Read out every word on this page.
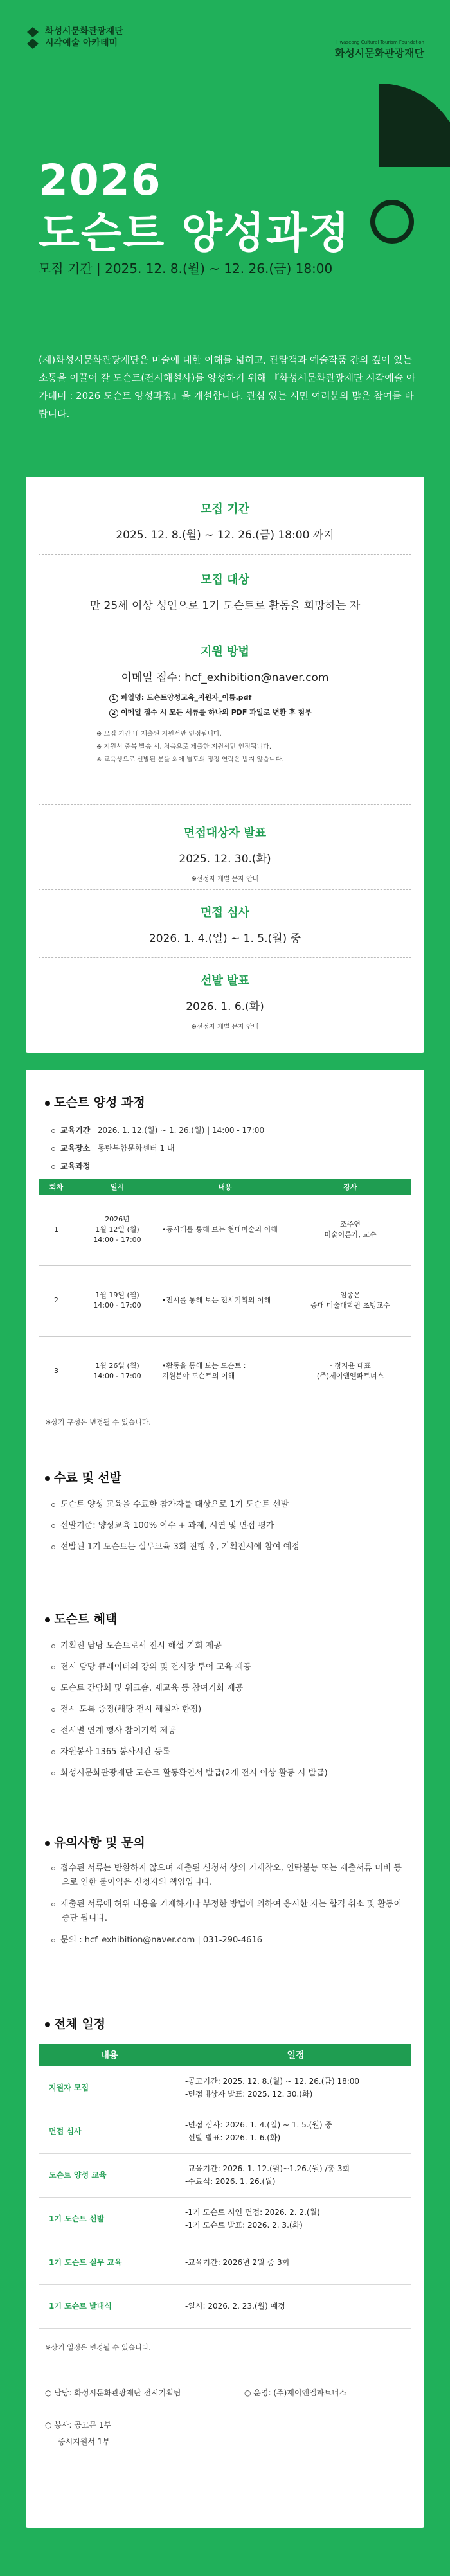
화성시문화관광재단
시각예술 아카데미	Hwaseong Cultural Tourism Foundation
화성시문화관광재단
2026
도슨트 양성과정
모집 기간 | 2025. 12. 8.(월) ~ 12. 26.(금) 18:00
(재)화성시문화관광재단은 미술에 대한 이해를 넓히고, 관람객과 예술작품 간의 깊이 있는 소통을 이끌어 갈 도슨트(전시해설사)를 양성하기 위해 『화성시문화관광재단 시각예술 아카데미 : 2026 도슨트 양성과정』을 개설합니다. 관심 있는 시민 여러분의 많은 참여를 바랍니다.
모집 기간
2025. 12. 8.(월) ~ 12. 26.(금) 18:00 까지
모집 대상
만 25세 이상 성인으로 1기 도슨트로 활동을 희망하는 자
지원 방법
이메일 접수: hcf_exhibition@naver.com
1 파일명: 도슨트양성교육_지원자_이름.pdf
2 이메일 접수 시 모든 서류를 하나의 PDF 파일로 변환 후 첨부
※ 모집 기간 내 제출된 지원서만 인정됩니다.
※ 지원서 중복 발송 시, 처음으로 제출한 지원서만 인정됩니다.
※ 교육생으로 선발된 분을 외에 별도의 정정 연락은 받지 않습니다.
면접대상자 발표
2025. 12. 30.(화)
※선정자 개별 문자 안내
면접 심사
2026. 1. 4.(일) ~ 1. 5.(월) 중
선발 발표
2026. 1. 6.(화)
※선정자 개별 문자 안내
도슨트 양성 과정
교육기간 2026. 1. 12.(월) ~ 1. 26.(월) | 14:00 - 17:00
교육장소 동탄복합문화센터 1 내
교육과정
회차	일시	내용	강사
1	2026년
1월 12일 (월)
14:00 - 17:00	•동시대를 통해 보는 현대미술의 이해	조주연
미술이론가, 교수
2	1월 19일 (월)
14:00 - 17:00	•전시를 통해 보는 전시기획의 이해	임종은
중대 미술대학원 초빙교수
3	1월 26일 (월)
14:00 - 17:00	•활동을 통해 보는 도슨트 :
지원분야 도슨트의 이해	· 정지윤 대표
(주)제이앤엘파트너스
※상기 구성은 변경될 수 있습니다.
수료 및 선발
도슨트 양성 교육을 수료한 참가자를 대상으로 1기 도슨트 선발
선발기준: 양성교육 100% 이수 + 과제, 시연 및 면접 평가
선발된 1기 도슨트는 실무교육 3회 진행 후, 기획전시에 참여 예정
도슨트 혜택
기획전 담당 도슨트로서 전시 해설 기회 제공
전시 담당 큐레이터의 강의 및 전시장 투어 교육 제공
도슨트 간담회 및 워크숍, 재교육 등 참여기회 제공
전시 도록 증정(해당 전시 해설자 한정)
전시별 연계 행사 참여기회 제공
자원봉사 1365 봉사시간 등록
화성시문화관광재단 도슨트 활동확인서 발급(2개 전시 이상 활동 시 발급)
유의사항 및 문의
접수된 서류는 반환하지 않으며 제출된 신청서 상의 기재착오, 연락불능 또는 제출서류 미비 등으로 인한 불이익은 신청자의 책임입니다.
제출된 서류에 허위 내용을 기재하거나 부정한 방법에 의하여 응시한 자는 합격 취소 및 활동이 중단 됩니다.
문의 : hcf_exhibition@naver.com | 031-290-4616
전체 일정
내용	일정
지원자 모집	-공고기간: 2025. 12. 8.(월) ~ 12. 26.(금) 18:00
-면접대상자 발표: 2025. 12. 30.(화)
면접 심사	-면접 심사: 2026. 1. 4.(일) ~ 1. 5.(월) 중
-선발 발표: 2026. 1. 6.(화)
도슨트 양성 교육	-교육기간: 2026. 1. 12.(월)~1.26.(월) /총 3회
-수료식: 2026. 1. 26.(월)
1기 도슨트 선발	-1기 도슨트 시연 면접: 2026. 2. 2.(월)
-1기 도슨트 발표: 2026. 2. 3.(화)
1기 도슨트 실무 교육	-교육기간: 2026년 2월 중 3회
1기 도슨트 발대식	-일시: 2026. 2. 23.(월) 예정
※상기 일정은 변경될 수 있습니다.
○ 담당: 화성시문화관광재단 전시기획팀	○ 운영: (주)제이앤엘파트너스
○ 봉사: 공고문 1부
증시지원서 1부
